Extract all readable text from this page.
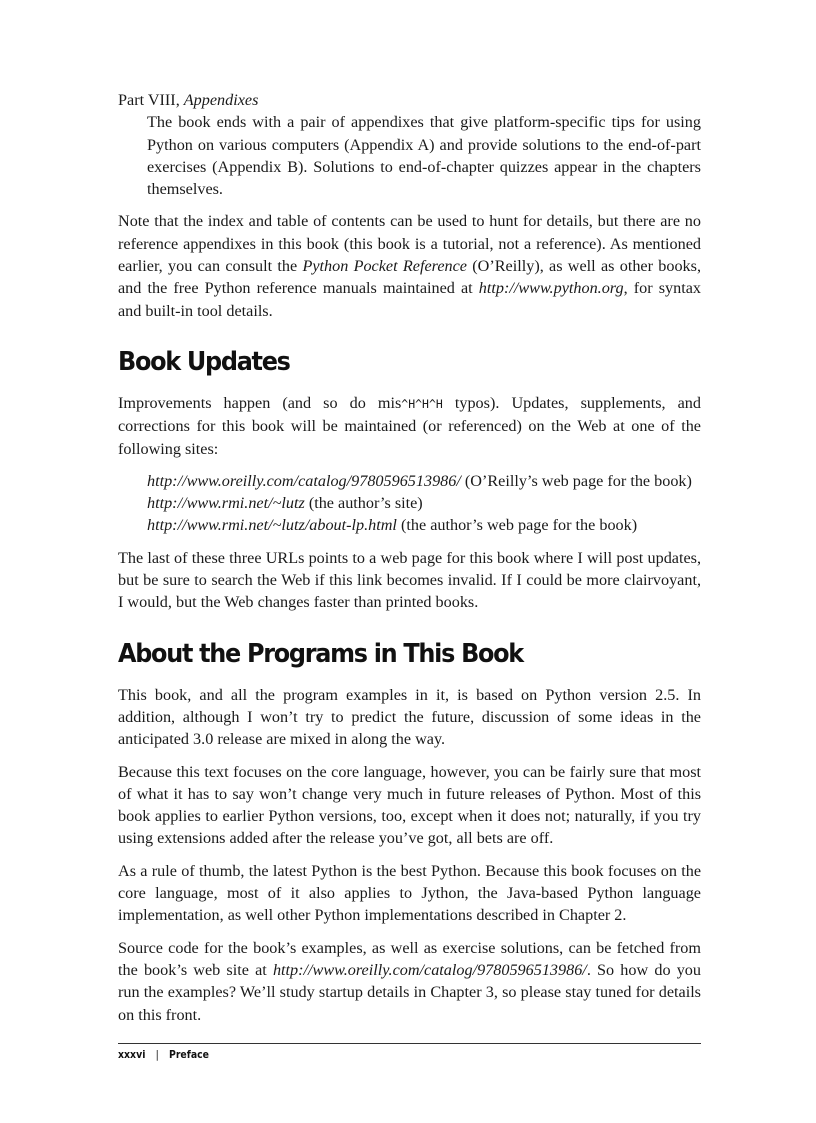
Part VIII, Appendixes
The book ends with a pair of appendixes that give platform-specific tips for using Python on various computers (Appendix A) and provide solutions to the end-of-part exercises (Appendix B). Solutions to end-of-chapter quizzes appear in the chapters themselves.

Note that the index and table of contents can be used to hunt for details, but there are no reference appendixes in this book (this book is a tutorial, not a reference). As mentioned earlier, you can consult the Python Pocket Reference (O’Reilly), as well as other books, and the free Python reference manuals maintained at http://www.python.org, for syntax and built-in tool details.

Book Updates

Improvements happen (and so do mis^H^H^H typos). Updates, supplements, and corrections for this book will be maintained (or referenced) on the Web at one of the following sites:

http://www.oreilly.com/catalog/9780596513986/ (O’Reilly’s web page for the book)
http://www.rmi.net/~lutz (the author’s site)
http://www.rmi.net/~lutz/about-lp.html (the author’s web page for the book)

The last of these three URLs points to a web page for this book where I will post updates, but be sure to search the Web if this link becomes invalid. If I could be more clairvoyant, I would, but the Web changes faster than printed books.

About the Programs in This Book

This book, and all the program examples in it, is based on Python version 2.5. In addition, although I won’t try to predict the future, discussion of some ideas in the anticipated 3.0 release are mixed in along the way.

Because this text focuses on the core language, however, you can be fairly sure that most of what it has to say won’t change very much in future releases of Python. Most of this book applies to earlier Python versions, too, except when it does not; naturally, if you try using extensions added after the release you’ve got, all bets are off.

As a rule of thumb, the latest Python is the best Python. Because this book focuses on the core language, most of it also applies to Jython, the Java-based Python language implementation, as well other Python implementations described in Chapter 2.

Source code for the book’s examples, as well as exercise solutions, can be fetched from the book’s web site at http://www.oreilly.com/catalog/9780596513986/. So how do you run the examples? We’ll study startup details in Chapter 3, so please stay tuned for details on this front.

xxxvi | Preface
